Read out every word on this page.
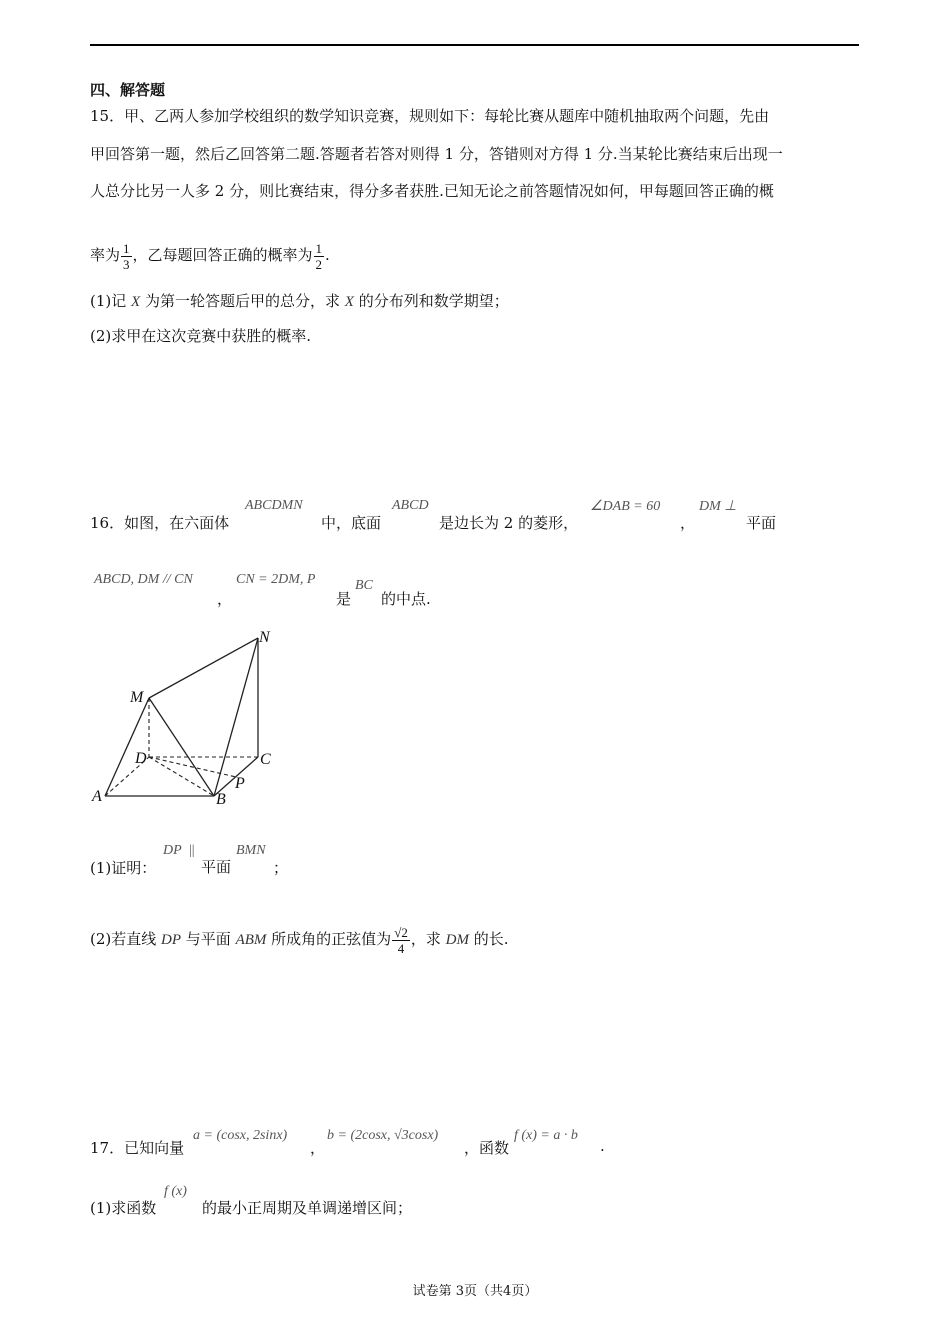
四、解答题
15．甲、乙两人参加学校组织的数学知识竞赛，规则如下：每轮比赛从题库中随机抽取两个问题，先由
甲回答第一题，然后乙回答第二题.答题者若答对则得 1 分，答错则对方得 1 分.当某轮比赛结束后出现一
人总分比另一人多 2 分，则比赛结束，得分多者获胜.已知无论之前答题情况如何，甲每题回答正确的概
率为 $\frac{1}{3}$ ，乙每题回答正确的概率为 $\frac{1}{2}$ .
(1)记 X 为第一轮答题后甲的总分，求 X 的分布列和数学期望；
(2)求甲在这次竞赛中获胜的概率.
16．如图，在六面体
ABCDMN
中，底面
ABCD
是边长为 2 的菱形，
∠DAB = 60
，
DM ⊥
平面
ABCD, DM // CN
，
CN = 2DM, P
是
BC
的中点.
N
M
D	C
A	B
P
(1)证明：
DP ||
平面
BMN
；
(2)若直线 DP 与平面 ABM 所成角的正弦值为 $\frac{√2}{4}$ ，求 DM 的长.
17．已知向量
a = (cosx, 2sinx)
，
b = (2cosx, √3cosx)
，函数
f (x) = a · b
.
(1)求函数
f (x)
的最小正周期及单调递增区间；
试卷第 3页（共4页）
